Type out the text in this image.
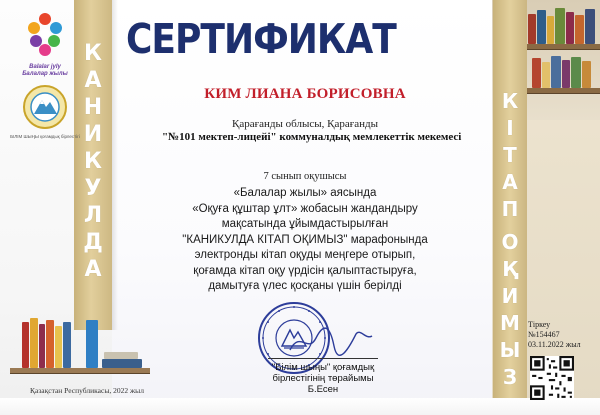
К
А
Н
И
К
У
Л
Д
А
Balalar jyly
Балалар жылы
БІЛІМ ШЫҢЫ қоғамдық бірлестігі
К
І
Т
А
П
О
Қ
И
М
Ы
З
СЕРТИФИКАТ
КИМ ЛИАНА БОРИСОВНА
Қарағанды облысы, Қарағанды
"№101 мектеп-лицейі" коммуналдық мемлекеттік мекемесі
7 сынып оқушысы
«Балалар жылы» аясында
«Оқуға құштар ұлт» жобасын жандандыру
мақсатында ұйымдастырылған
"КАНИКУЛДА КІТАП ОҚИМЫЗ" марафонында
электронды кітап оқуды меңгере отырып,
қоғамда кітап оқу үрдісін қалыптастыруға,
дамытуға үлес қосқаны үшін берілді
"Білім шыңы" қоғамдық
бірлестігінің төрайымы
Б.Есен
Қазақстан Республикасы, 2022 жыл
Тіркеу
№154467
03.11.2022 жыл
